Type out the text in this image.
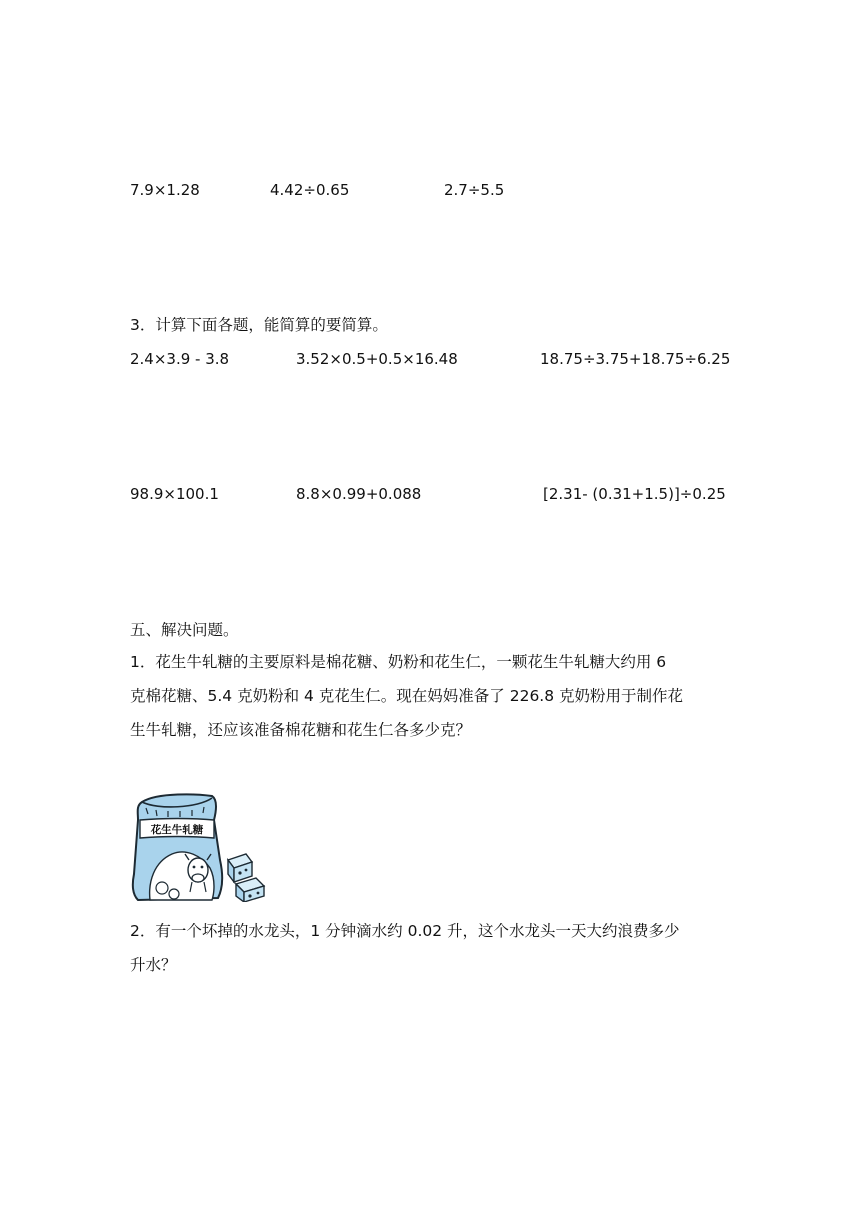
7.9×1.28	4.42÷0.65	2.7÷5.5
3．计算下面各题，能简算的要简算。
2.4×3.9 - 3.8	3.52×0.5+0.5×16.48	18.75÷3.75+18.75÷6.25
98.9×100.1	8.8×0.99+0.088	[2.31- (0.31+1.5)]÷0.25
五、解决问题。
1．花生牛轧糖的主要原料是棉花糖、奶粉和花生仁，一颗花生牛轧糖大约用 6
克棉花糖、5.4 克奶粉和 4 克花生仁。现在妈妈准备了 226.8 克奶粉用于制作花
生牛轧糖，还应该准备棉花糖和花生仁各多少克？
花生牛轧糖
2．有一个坏掉的水龙头，1 分钟滴水约 0.02 升，这个水龙头一天大约浪费多少
升水？
